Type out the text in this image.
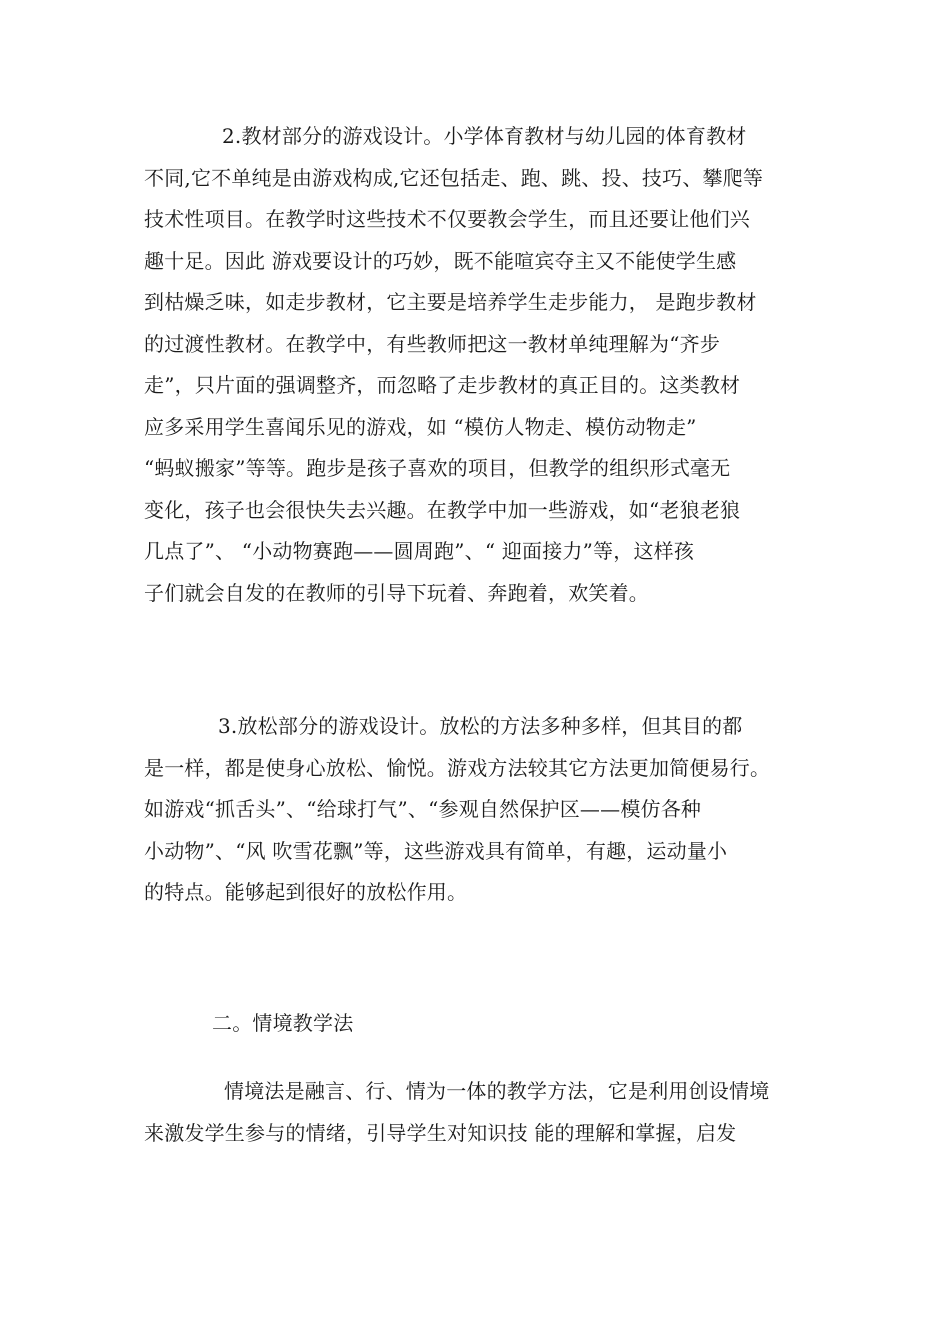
2.教材部分的游戏设计。小学体育教材与幼儿园的体育教材
不同,它不单纯是由游戏构成,它还包括走、跑、跳、投、技巧、攀爬等
技术性项目。在教学时这些技术不仅要教会学生，而且还要让他们兴
趣十足。因此 游戏要设计的巧妙，既不能喧宾夺主又不能使学生感
到枯燥乏味，如走步教材，它主要是培养学生走步能力， 是跑步教材
的过渡性教材。在教学中，有些教师把这一教材单纯理解为“齐步
走”，只片面的强调整齐，而忽略了走步教材的真正目的。这类教材
应多采用学生喜闻乐见的游戏，如 “模仿人物走、模仿动物走”
“蚂蚁搬家”等等。跑步是孩子喜欢的项目，但教学的组织形式毫无
变化，孩子也会很快失去兴趣。在教学中加一些游戏，如“老狼老狼
几点了”、 “小动物赛跑——圆周跑”、“ 迎面接力”等，这样孩
子们就会自发的在教师的引导下玩着、奔跑着，欢笑着。
3.放松部分的游戏设计。放松的方法多种多样，但其目的都
是一样，都是使身心放松、愉悦。游戏方法较其它方法更加简便易行。
如游戏“抓舌头”、“给球打气”、“参观自然保护区——模仿各种
小动物”、“风 吹雪花飘”等，这些游戏具有简单，有趣，运动量小
的特点。能够起到很好的放松作用。
二。情境教学法
情境法是融言、行、情为一体的教学方法，它是利用创设情境
来激发学生参与的情绪，引导学生对知识技 能的理解和掌握，启发
